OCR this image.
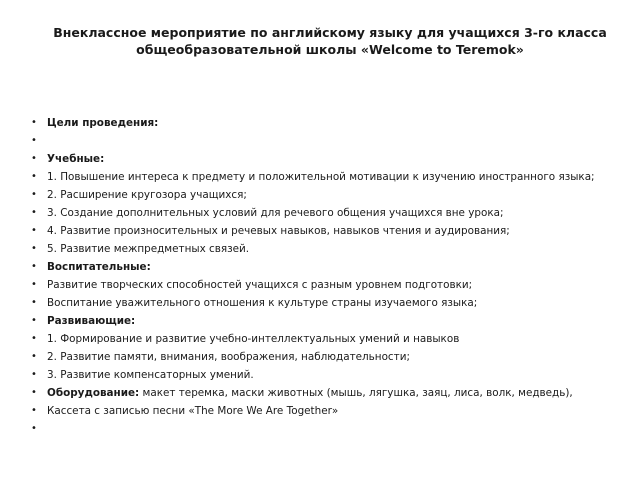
Внеклассное мероприятие по английскому языку для учащихся 3-го класса общеобразовательной школы «Welcome to Teremok»
• Цели проведения:
•
• Учебные:
• 1. Повышение интереса к предмету и положительной мотивации к изучению иностранного языка;
• 2. Расширение кругозора учащихся;
• 3. Создание дополнительных условий для речевого общения учащихся вне урока;
• 4. Развитие произносительных и речевых навыков, навыков чтения и аудирования;
• 5. Развитие межпредметных связей.
• Воспитательные:
• Развитие творческих способностей учащихся с разным уровнем подготовки;
• Воспитание уважительного отношения к культуре страны изучаемого языка;
• Развивающие:
• 1. Формирование и развитие учебно-интеллектуальных умений и навыков
• 2. Развитие памяти, внимания, воображения, наблюдательности;
• 3. Развитие компенсаторных умений.
• Оборудование: макет теремка, маски животных (мышь, лягушка, заяц, лиса, волк, медведь),
• Кассета с записью песни «The More We Are Together»
•
